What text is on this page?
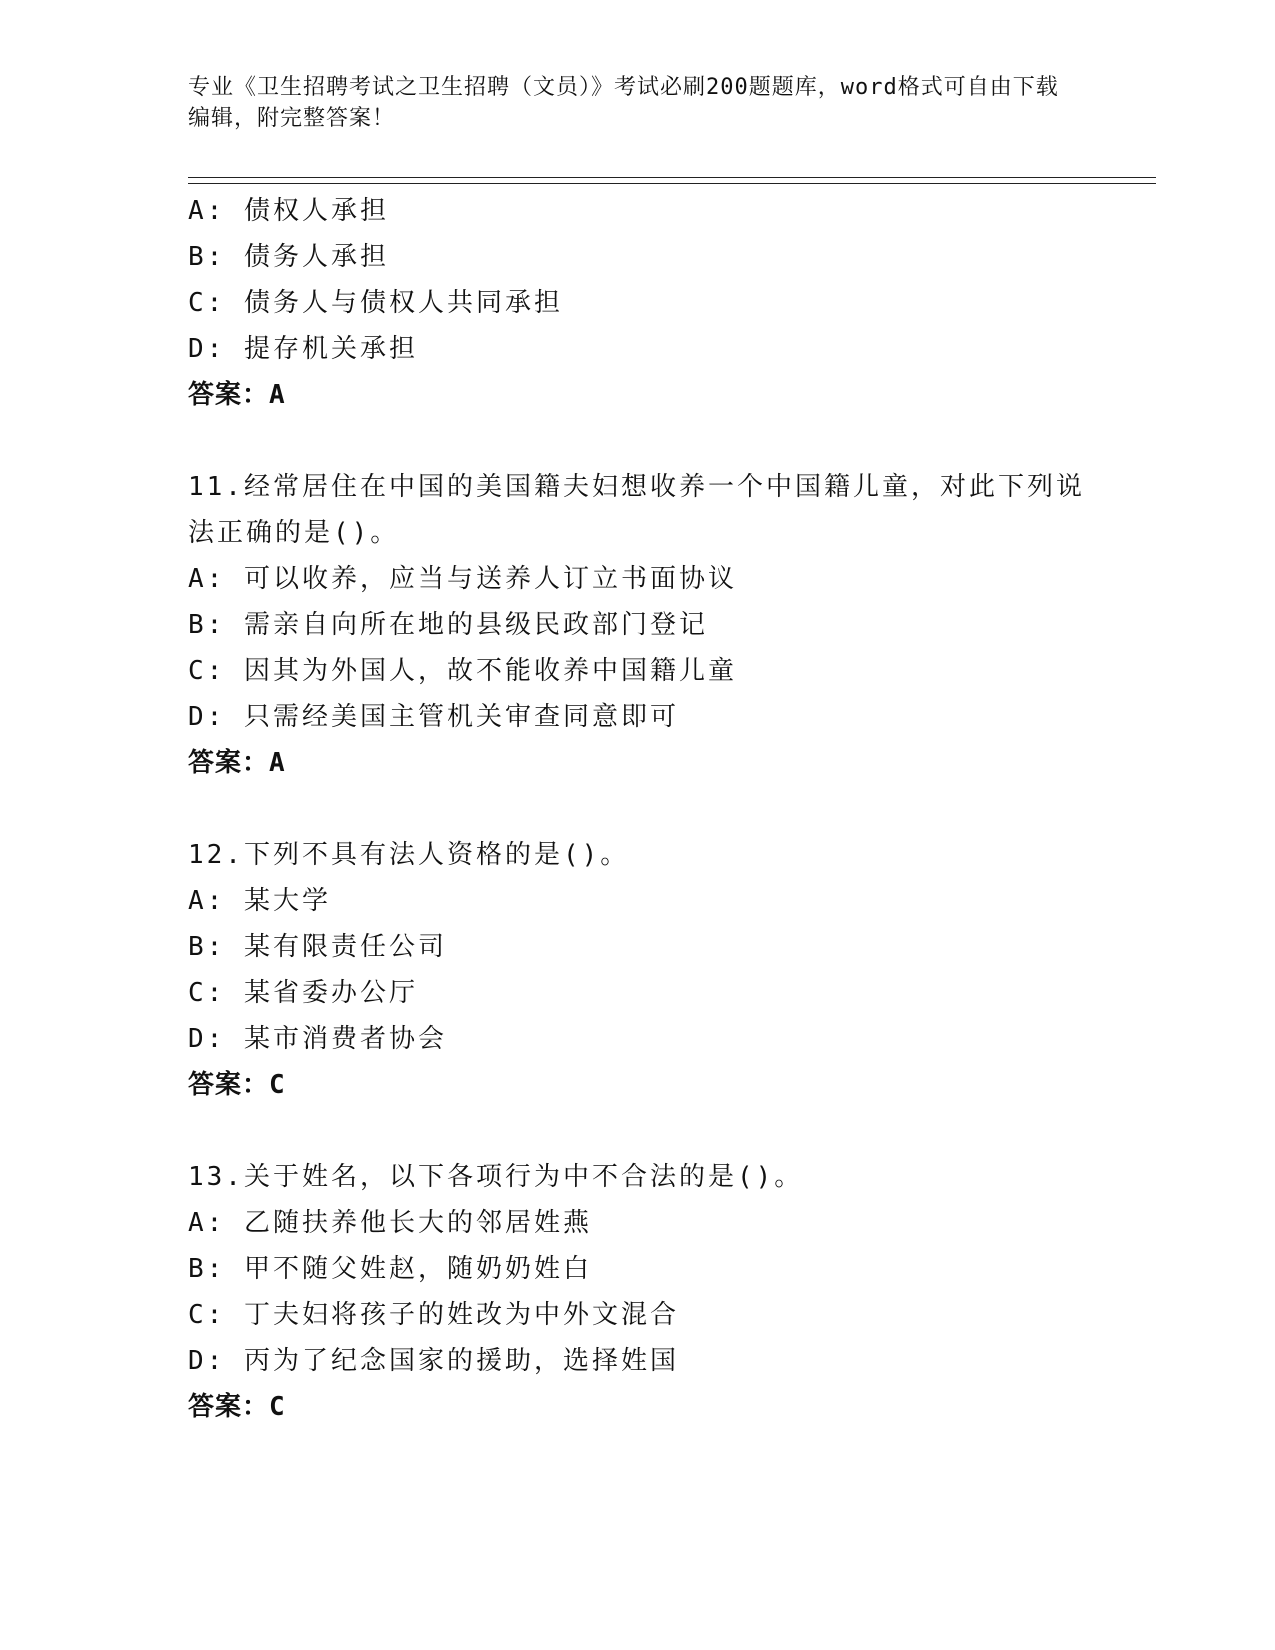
专业《卫生招聘考试之卫生招聘（文员）》考试必刷200题题库，word格式可自由下载编辑，附完整答案！
A: 债权人承担
B: 债务人承担
C: 债务人与债权人共同承担
D: 提存机关承担
答案：A
11.经常居住在中国的美国籍夫妇想收养一个中国籍儿童，对此下列说法正确的是()。
A: 可以收养，应当与送养人订立书面协议
B: 需亲自向所在地的县级民政部门登记
C: 因其为外国人，故不能收养中国籍儿童
D: 只需经美国主管机关审查同意即可
答案：A
12.下列不具有法人资格的是()。
A: 某大学
B: 某有限责任公司
C: 某省委办公厅
D: 某市消费者协会
答案：C
13.关于姓名，以下各项行为中不合法的是()。
A: 乙随扶养他长大的邻居姓燕
B: 甲不随父姓赵，随奶奶姓白
C: 丁夫妇将孩子的姓改为中外文混合
D: 丙为了纪念国家的援助，选择姓国
答案：C
